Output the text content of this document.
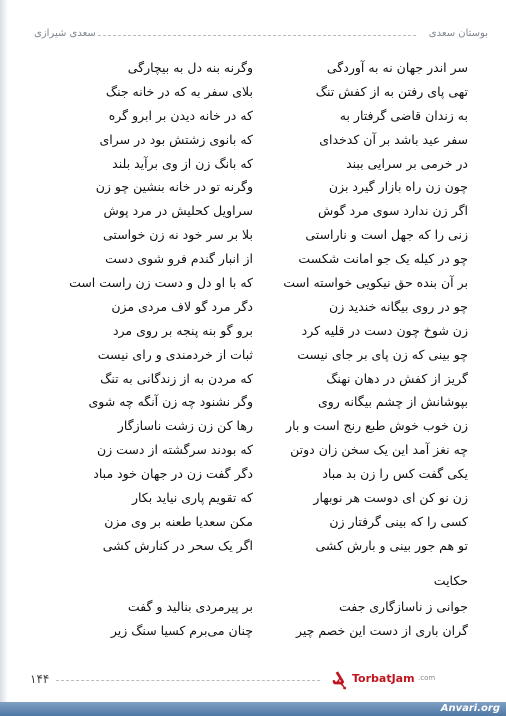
بوستان سعدی
سعدی شیرازی
سر اندر جهان نه به آوردگی
وگرنه بنه دل به بیچارگی
تهی پای رفتن به از کفش تنگ
بلای سفر به که در خانه جنگ
به زندان قاضی گرفتار به
که در خانه دیدن بر ابرو گره
سفر عید باشد بر آن کدخدای
که بانوی زشتش بود در سرای
در خرمی بر سرایی ببند
که بانگ زن از وی برآید بلند
چون زن راه بازار گیرد بزن
وگرنه تو در خانه بنشین چو زن
اگر زن ندارد سوی مرد گوش
سراویل کحلیش در مرد پوش
زنی را که جهل است و ناراستی
بلا بر سر خود نه زن خواستی
چو در کیله یک جو امانت شکست
از انبار گندم فرو شوی دست
بر آن بنده حق نیکویی خواسته است
که با او دل و دست زن راست است
چو در روی بیگانه خندید زن
دگر مرد گو لاف مردی مزن
زن شوخ چون دست در قلیه کرد
برو گو بنه پنجه بر روی مرد
چو بینی که زن پای بر جای نیست
ثبات از خردمندی و رای نیست
گریز از کفش در دهان نهنگ
که مردن به از زندگانی به تنگ
بپوشانش از چشم بیگانه روی
وگر نشنود چه زن آنگه چه شوی
زن خوب خوش طبع رنج است و بار
رها کن زن زشت ناسازگار
چه نغز آمد این یک سخن زان دوتن
که بودند سرگشته از دست زن
یکی گفت کس را زن بد مباد
دگر گفت زن در جهان خود مباد
زن نو کن ای دوست هر نوبهار
که تقویم پاری نیاید بکار
کسی را که بینی گرفتار زن
مکن سعدیا طعنه بر وی مزن
تو هم جور بینی و بارش کشی
اگر یک سحر در کنارش کشی
حکایت
جوانی ز ناسازگاری جفت
بر پیرمردی بنالید و گفت
گران باری از دست این خصم چیر
چنان می‌برم کسیا سنگ زیر
۱۴۴	ܔ TorbatJam .com
Anvari.org
